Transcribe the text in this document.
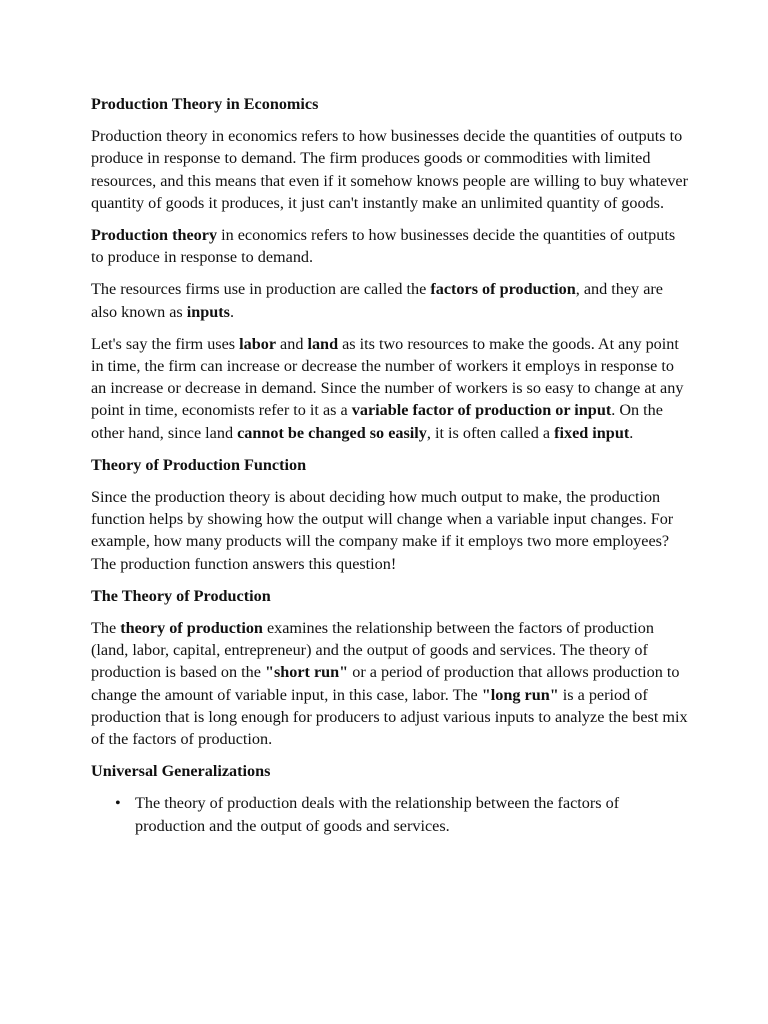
Production Theory in Economics

Production theory in economics refers to how businesses decide the quantities of outputs to produce in response to demand. The firm produces goods or commodities with limited resources, and this means that even if it somehow knows people are willing to buy whatever quantity of goods it produces, it just can't instantly make an unlimited quantity of goods.

Production theory in economics refers to how businesses decide the quantities of outputs to produce in response to demand.

The resources firms use in production are called the factors of production, and they are also known as inputs.

Let's say the firm uses labor and land as its two resources to make the goods. At any point in time, the firm can increase or decrease the number of workers it employs in response to an increase or decrease in demand. Since the number of workers is so easy to change at any point in time, economists refer to it as a variable factor of production or input. On the other hand, since land cannot be changed so easily, it is often called a fixed input.

Theory of Production Function

Since the production theory is about deciding how much output to make, the production function helps by showing how the output will change when a variable input changes. For example, how many products will the company make if it employs two more employees? The production function answers this question!

The Theory of Production

The theory of production examines the relationship between the factors of production (land, labor, capital, entrepreneur) and the output of goods and services. The theory of production is based on the "short run" or a period of production that allows production to change the amount of variable input, in this case, labor. The "long run" is a period of production that is long enough for producers to adjust various inputs to analyze the best mix of the factors of production.

Universal Generalizations
• The theory of production deals with the relationship between the factors of production and the output of goods and services.
